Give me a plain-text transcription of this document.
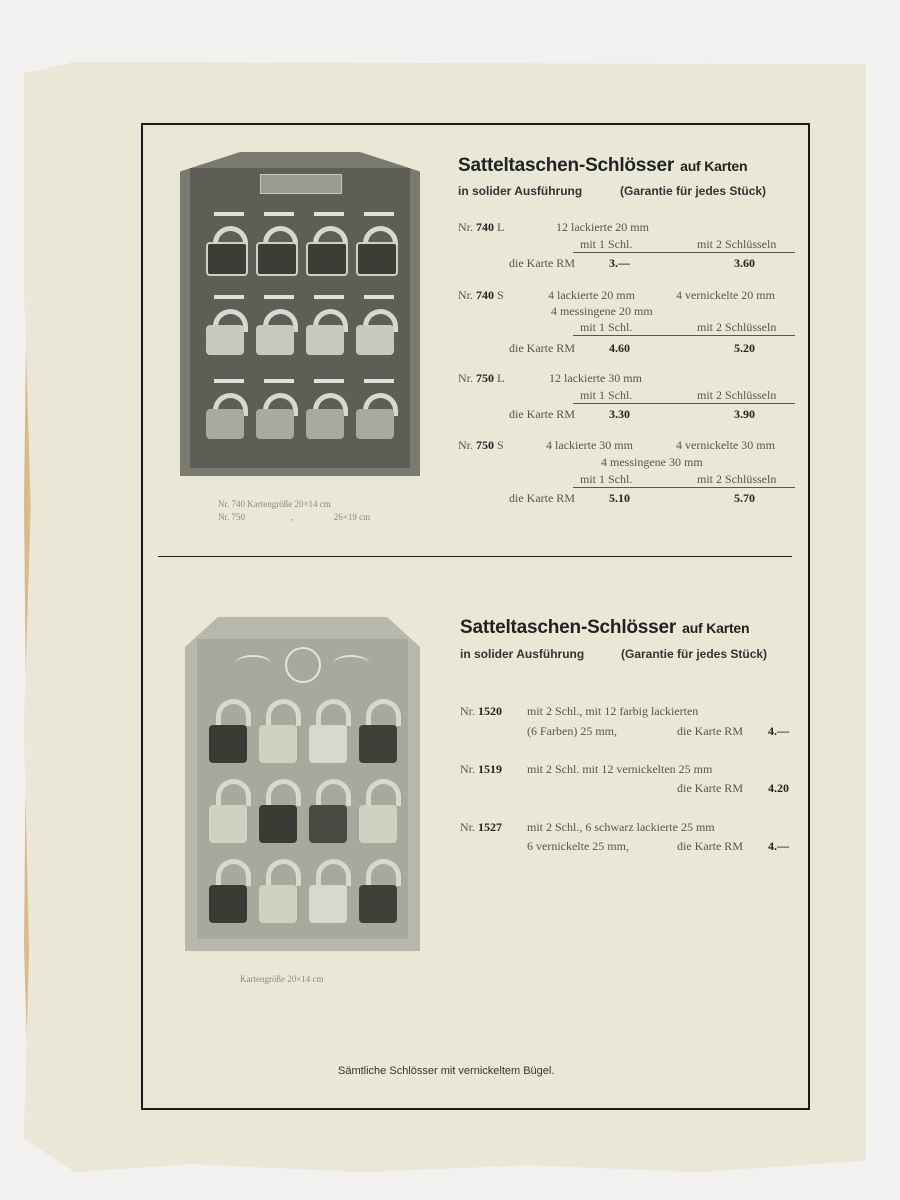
Nr. 740 Kartengröße 20×14 cm
Nr. 750	,	26×19 cm
Satteltaschen-Schlösser auf Karten
in solider Ausführung	(Garantie für jedes Stück)
Nr. 740 L	12 lackierte 20 mm
mit 1 Schl.	mit 2 Schlüsseln
die Karte RM	3.—	3.60
Nr. 740 S	4 lackierte 20 mm	4 vernickelte 20 mm
4 messingene 20 mm
mit 1 Schl.	mit 2 Schlüsseln
die Karte RM	4.60	5.20
Nr. 750 L	12 lackierte 30 mm
mit 1 Schl.	mit 2 Schlüsseln
die Karte RM	3.30	3.90
Nr. 750 S	4 lackierte 30 mm	4 vernickelte 30 mm
4 messingene 30 mm
mit 1 Schl.	mit 2 Schlüsseln
die Karte RM	5.10	5.70
Kartengröße 20×14 cm
Satteltaschen-Schlösser auf Karten
in solider Ausführung	(Garantie für jedes Stück)
Nr. 1520 mit 2 Schl., mit 12 farbig lackierten
(6 Farben) 25 mm,	die Karte RM 4.—
Nr. 1519 mit 2 Schl. mit 12 vernickelten 25 mm
die Karte RM 4.20
Nr. 1527 mit 2 Schl., 6 schwarz lackierte 25 mm
6 vernickelte 25 mm,	die Karte RM 4.—
Sämtliche Schlösser mit vernickeltem Bügel.
